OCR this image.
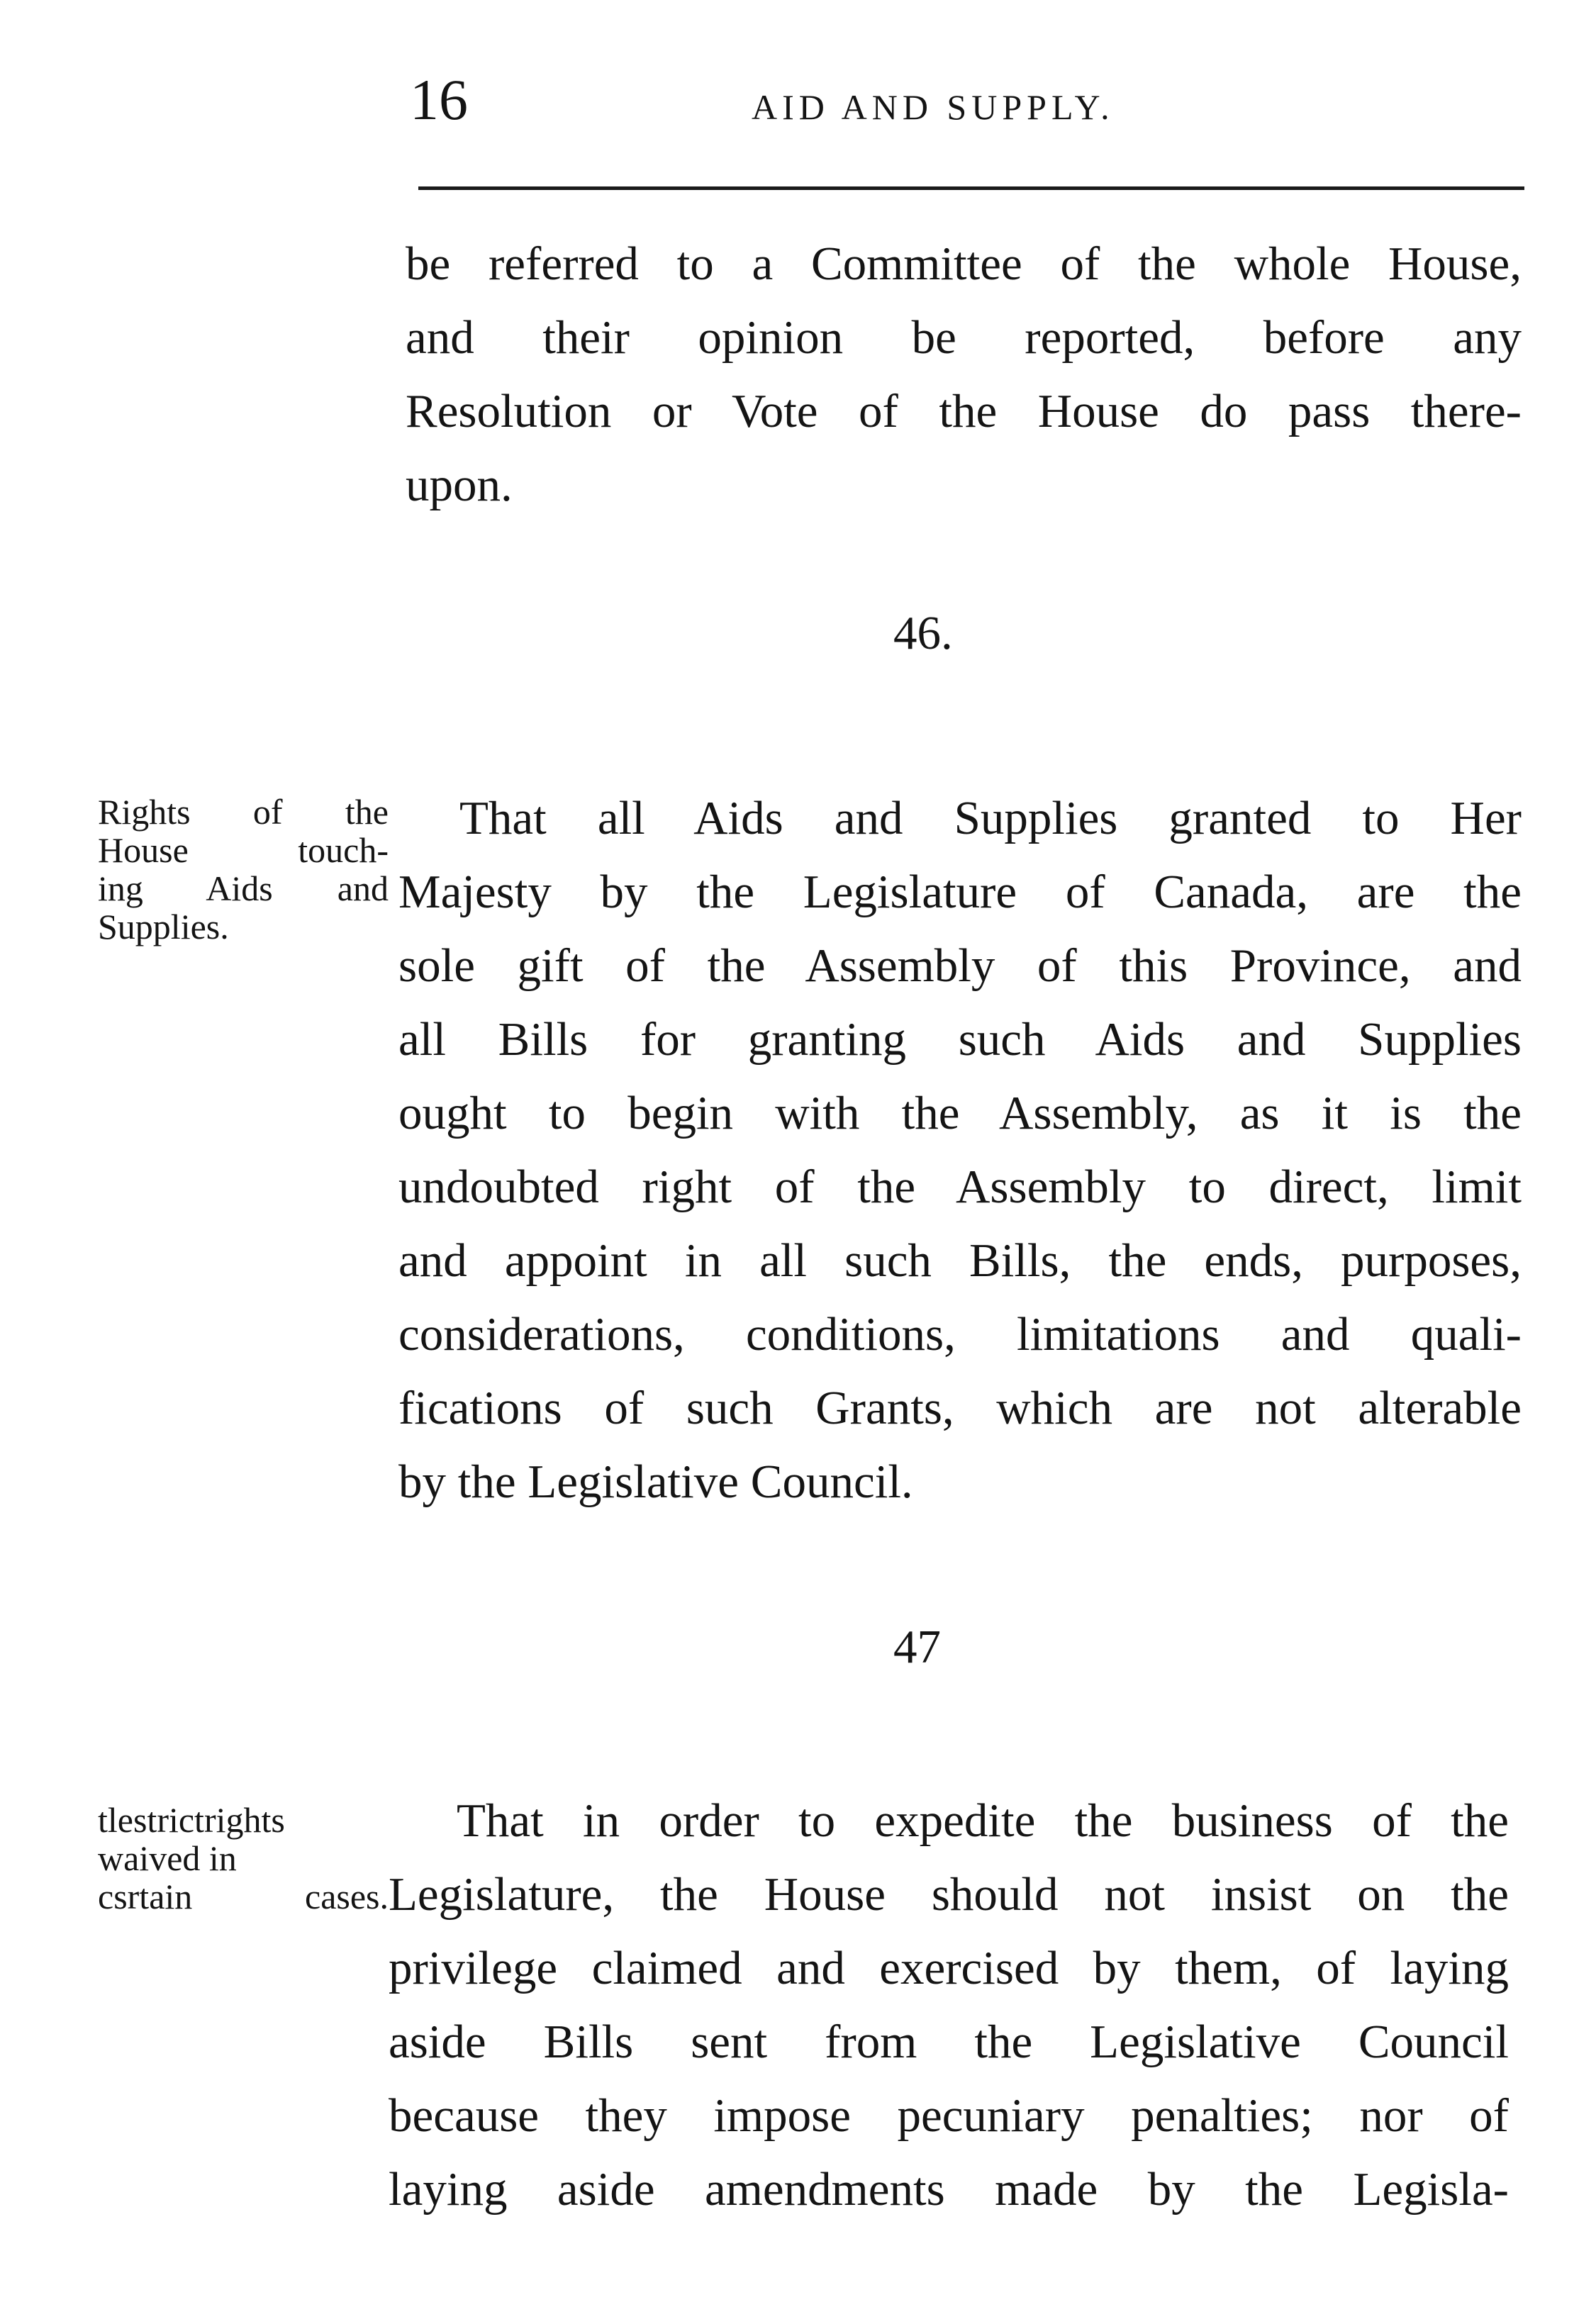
16	AID AND SUPPLY.
be referred to a Committee of the whole House,
and their opinion be reported, before any
Resolution or Vote of the House do pass there-
upon.
46.
Rights of the
House touch-
ing Aids and
Supplies.
That all Aids and Supplies granted to Her
Majesty by the Legislature of Canada, are the
sole gift of the Assembly of this Province, and
all Bills for granting such Aids and Supplies
ought to begin with the Assembly, as it is the
undoubted right of the Assembly to direct, limit
and appoint in all such Bills, the ends, purposes,
considerations, conditions, limitations and quali-
fications of such Grants, which are not alterable
by the Legislative Council.
47
tlestrictrights
waived in
csrtain cases.
That in order to expedite the business of the
Legislature, the House should not insist on the
privilege claimed and exercised by them, of laying
aside Bills sent from the Legislative Council
because they impose pecuniary penalties; nor of
laying aside amendments made by the Legisla-
